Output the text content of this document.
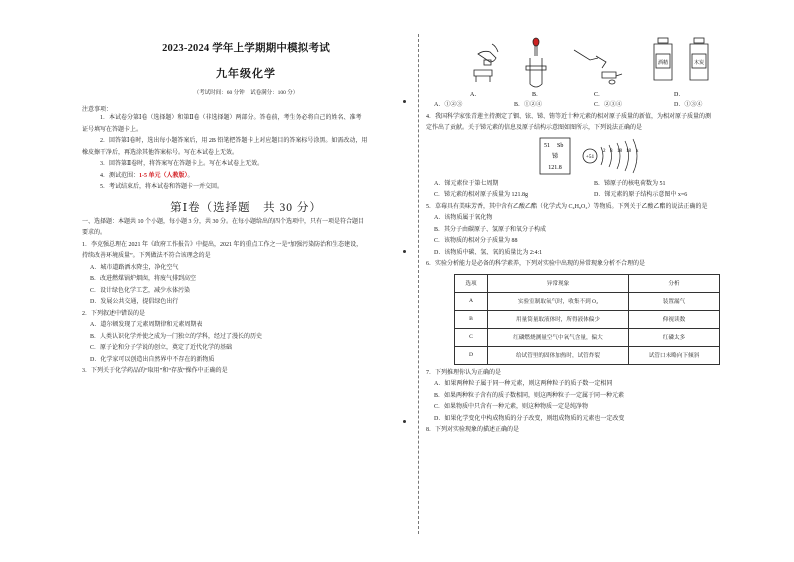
2023-2024 学年上学期期中模拟考试
九年级化学
（考试时间：60 分钟　试卷满分：100 分）
注意事项：

1．本试卷分第Ⅰ卷（选择题）和第Ⅱ卷（非选择题）两部分。答卷前，考生务必将自己的姓名、准考

证号填写在答题卡上。

2．回答第Ⅰ卷时，选出每小题答案后，用 2B 铅笔把答题卡上对应题目的答案标号涂黑。如需改动，用

橡皮擦干净后，再选涂其他答案标号。写在本试卷上无效。

3．回答第Ⅱ卷时，将答案写在答题卡上。写在本试卷上无效。

4．测试范围：1-5 单元（人教版）。

5．考试结束后，将本试卷和答题卡一并交回。

第Ⅰ卷（选择题　共 30 分）

一、选择题：本题共 10 个小题，每小题 3 分，共 30 分。在每小题给出的四个选项中，只有一项是符合题目

要求的。

1．李克强总理在 2021 年《政府工作报告》中提出，2021 年的重点工作之一是“加强污染防治和生态建设，

持续改善环境质量”。下列做法不符合该理念的是

A．城市道路洒水降尘，净化空气

B．改进燃煤锅炉烟囱，将废气排到高空

C．设计绿色化学工艺，减少水体污染

D．发展公共交通，提倡绿色出行

2．下列叙述中错误的是

A．道尔顿发现了元素周期律和元素周期表

B．人类认识化学并使之成为一门独立的学科，经过了漫长的历史

C．原子论和分子学说的创立，奠定了近代化学的基础

D．化学家可以创造出自然界中不存在的新物质

3．下列关于化学药品的“取用”和“存放”操作中正确的是

酒精	木炭
A．	B．	C．	D．
A．①②③	B．①②④	C．②③④	D．①③④

4．我国科学家张青莲主持测定了铟、铱、锑、铕等近十种元素的相对原子质量的新值，为相对原子质量的测

定作出了贡献。关于锑元素的信息及原子结构示意图如图所示，下列说法正确的是

51 Sb
锑
121.8
+51
2 8 18 18 x
A．锑元素位于第七周期	B．锑原子的核电荷数为 51
C．锑元素的相对原子质量为 121.8g	D．锑元素的原子结构示意图中 x=6

5．草莓具有美味芳香，其中含有乙酸乙酯（化学式为 C₄H₈O₂）等物质。下列关于乙酸乙酯的说法正确的是

A．该物质属于氧化物

B．其分子由碳原子、氢原子和氧分子构成

C．该物质的相对分子质量为 88

D．该物质中碳、氢、氧的质量比为 2:4:1

6．实验分析能力是必备的科学素养，下列对实验中出现的异常现象分析不合理的是

选项	异常现象	分析
A	实验室制取氧气时，收集不到 O₂	装置漏气
B	用量筒量取液体时，所得液体偏少	仰视读数
C	红磷燃烧测量空气中氧气含量，偏大	红磷太多
D	给试管里的固体加热时，试管炸裂	试管口未略向下倾斜

7．下列推理你认为正确的是

A．如果两种粒子属于同一种元素，则这两种粒子的质子数一定相同

B．如果两种粒子含有的质子数相同，则这两种粒子一定属于同一种元素

C．如果物质中只含有一种元素，则这种物质一定是纯净物

D．如果化学变化中构成物质的分子改变，则组成物质的元素也一定改变

8．下列对实验现象的描述正确的是
